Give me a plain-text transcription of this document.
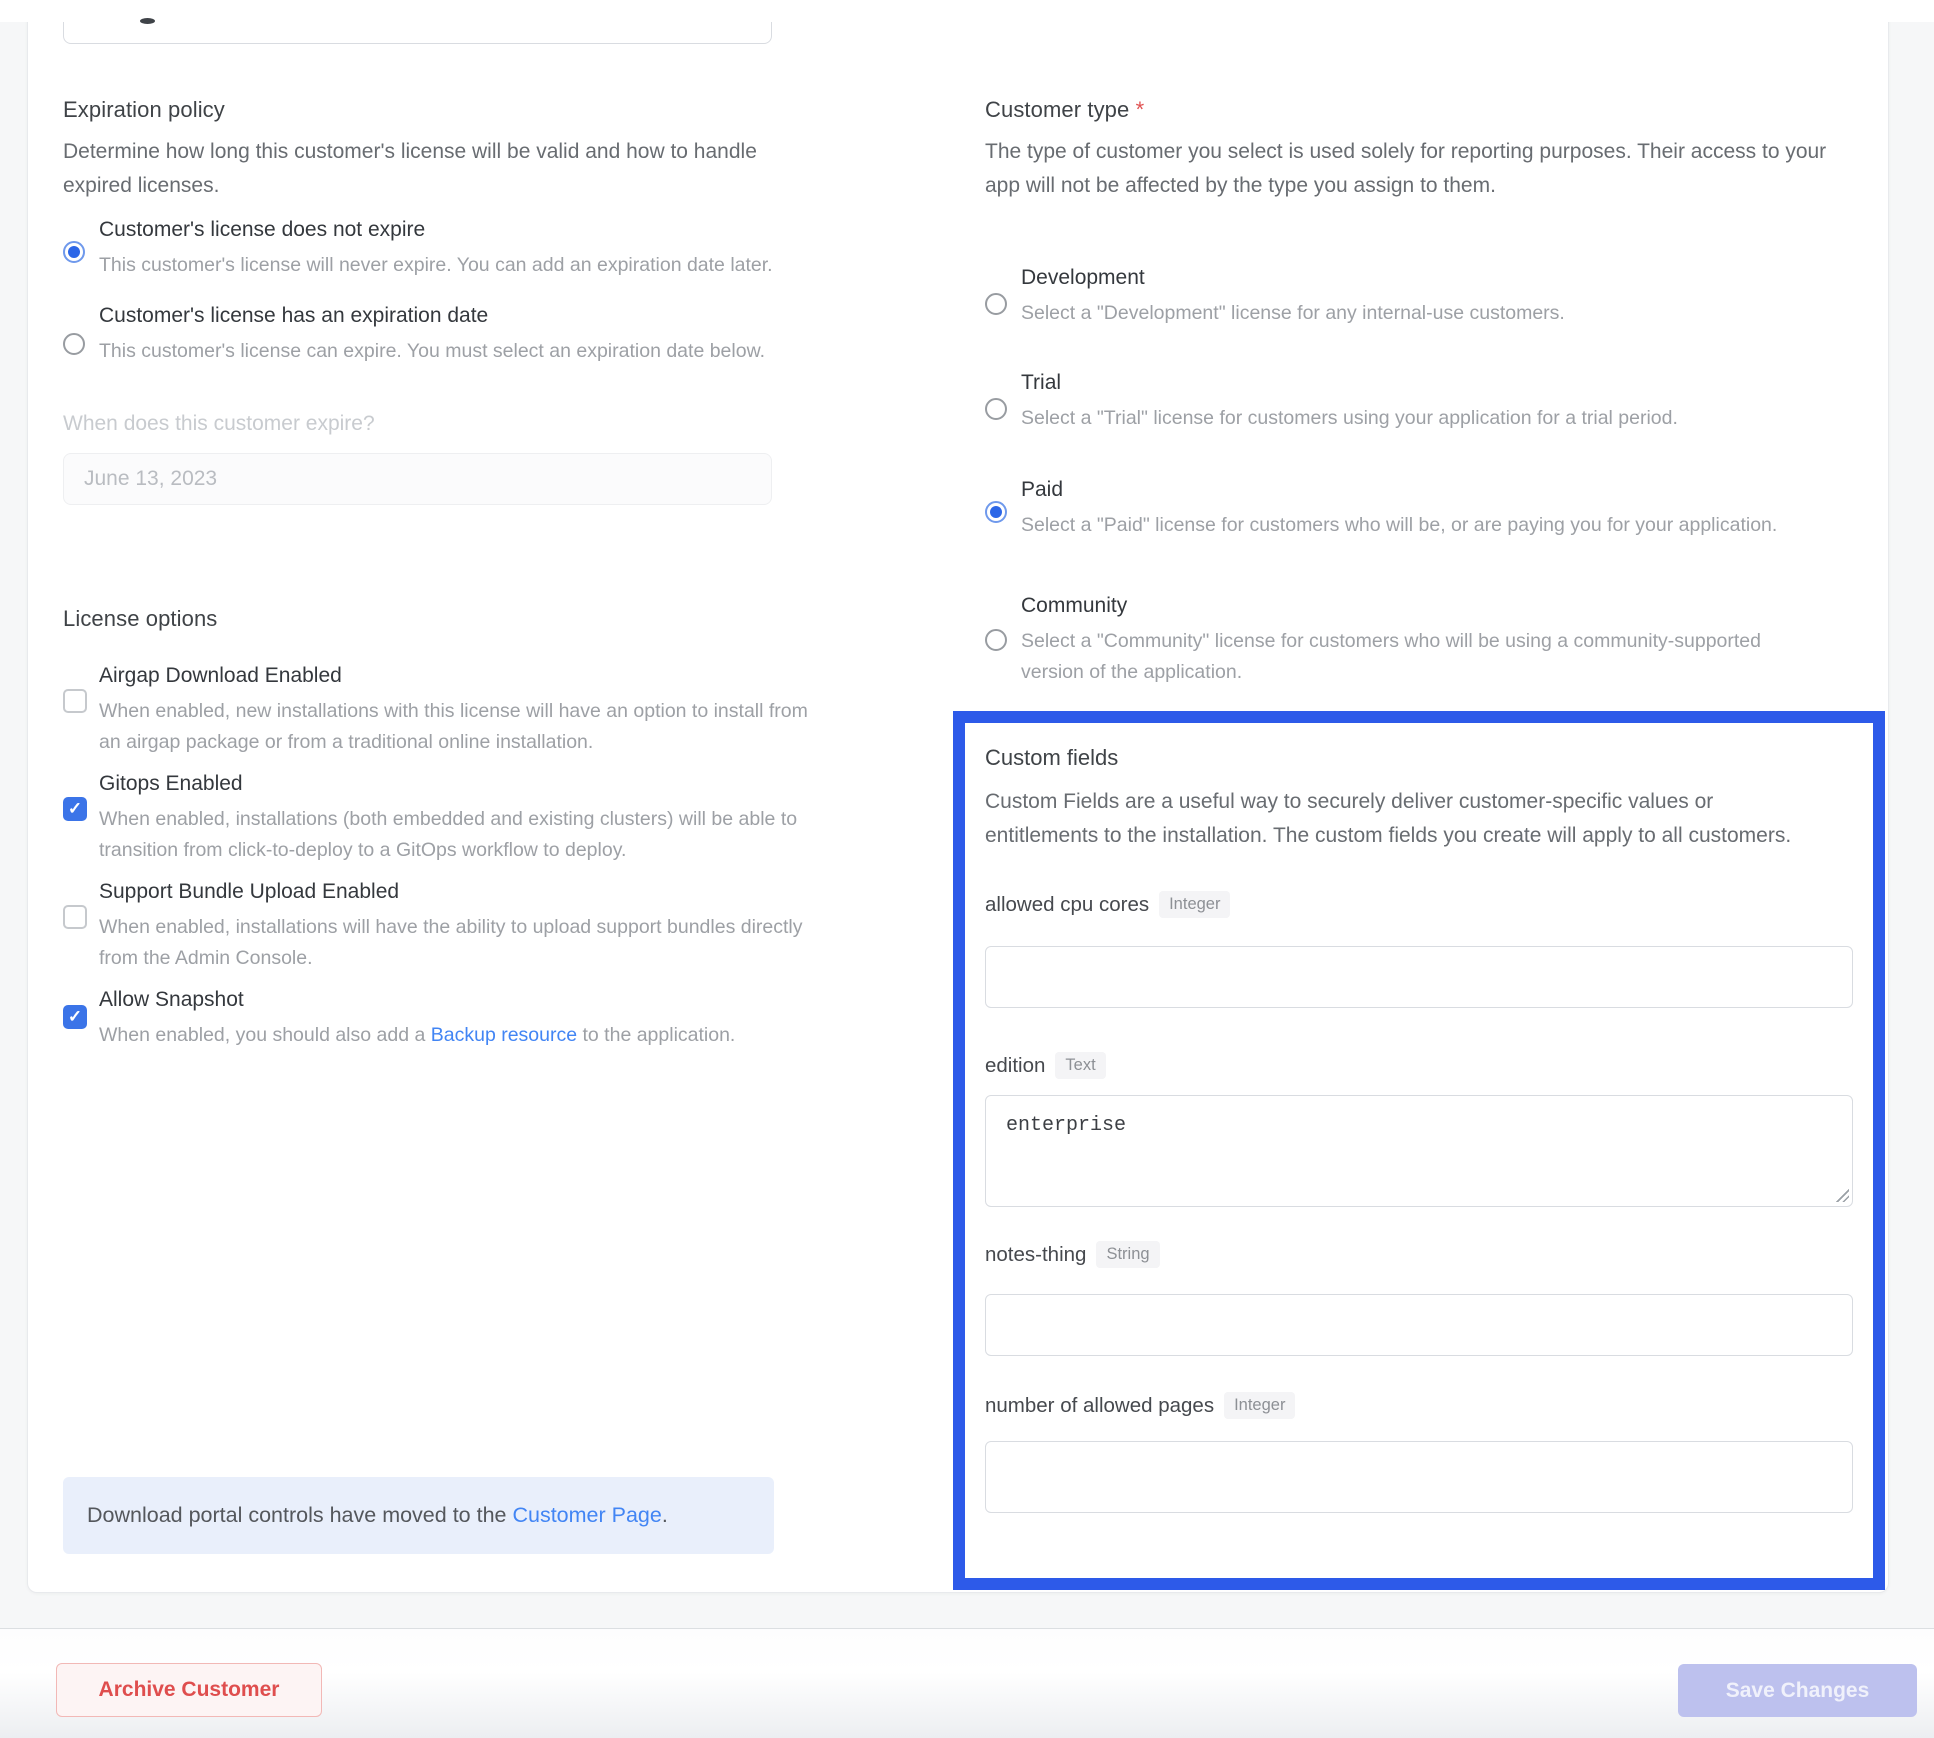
Expiration policy
Determine how long this customer's license will be valid and how to handle expired licenses.
Customer's license does not expire
This customer's license will never expire. You can add an expiration date later.
Customer's license has an expiration date
This customer's license can expire. You must select an expiration date below.
When does this customer expire?
June 13, 2023
License options
Airgap Download Enabled
When enabled, new installations with this license will have an option to install from an airgap package or from a traditional online installation.
✓
Gitops Enabled
When enabled, installations (both embedded and existing clusters) will be able to transition from click-to-deploy to a GitOps workflow to deploy.
Support Bundle Upload Enabled
When enabled, installations will have the ability to upload support bundles directly from the Admin Console.
✓
Allow Snapshot
When enabled, you should also add a Backup resource to the application.
Download portal controls have moved to the Customer Page.
Customer type *
The type of customer you select is used solely for reporting purposes. Their access to your app will not be affected by the type you assign to them.
Development
Select a "Development" license for any internal-use customers.
Trial
Select a "Trial" license for customers using your application for a trial period.
Paid
Select a "Paid" license for customers who will be, or are paying you for your application.
Community
Select a "Community" license for customers who will be using a community-supported version of the application.
Custom fields
Custom Fields are a useful way to securely deliver customer-specific values or entitlements to the installation. The custom fields you create will apply to all customers.
allowed cpu cores Integer
edition Text
enterprise
notes-thing String
number of allowed pages Integer
Archive Customer	Save Changes
